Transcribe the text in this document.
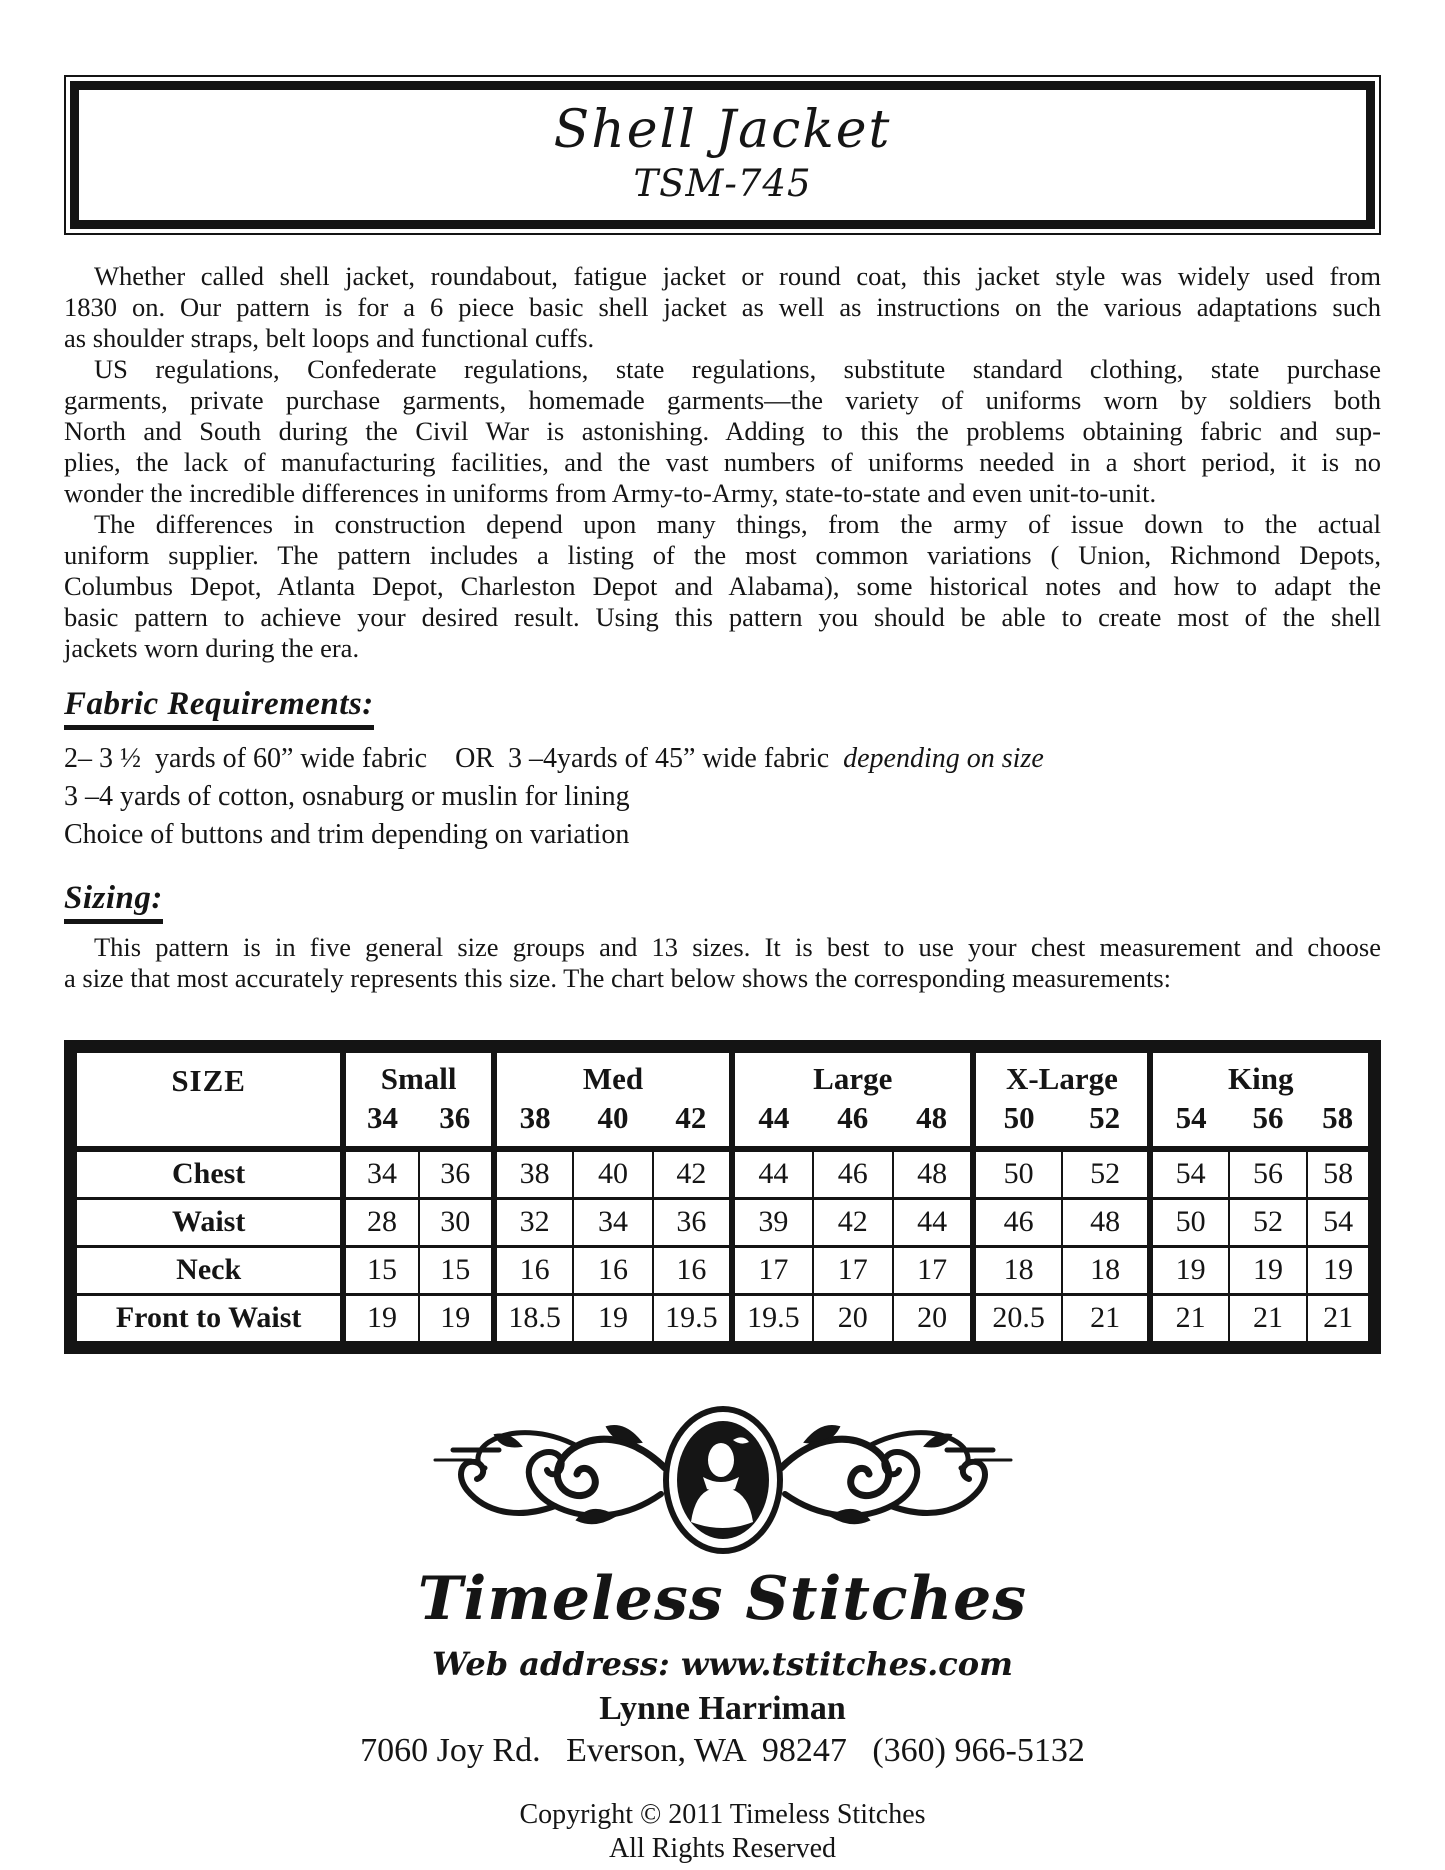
Shell Jacket
TSM-745
Whether called shell jacket, roundabout, fatigue jacket or round coat, this jacket style was widely used from
1830 on. Our pattern is for a 6 piece basic shell jacket as well as instructions on the various adaptations such
as shoulder straps, belt loops and functional cuffs.
US regulations, Confederate regulations, state regulations, substitute standard clothing, state purchase
garments, private purchase garments, homemade garments—the variety of uniforms worn by soldiers both
North and South during the Civil War is astonishing. Adding to this the problems obtaining fabric and sup-
plies, the lack of manufacturing facilities, and the vast numbers of uniforms needed in a short period, it is no
wonder the incredible differences in uniforms from Army-to-Army, state-to-state and even unit-to-unit.
The differences in construction depend upon many things, from the army of issue down to the actual
uniform supplier. The pattern includes a listing of the most common variations ( Union, Richmond Depots,
Columbus Depot, Atlanta Depot, Charleston Depot and Alabama), some historical notes and how to adapt the
basic pattern to achieve your desired result. Using this pattern you should be able to create most of the shell
jackets worn during the era.
Fabric Requirements:
2– 3 ½  yards of 60” wide fabric    OR  3 –4yards of 45” wide fabric  depending on size
3 –4 yards of cotton, osnaburg or muslin for lining
Choice of buttons and trim depending on variation
Sizing:
This pattern is in five general size groups and 13 sizes. It is best to use your chest measurement and choose
a size that most accurately represents this size. The chart below shows the corresponding measurements:
SIZE	Small		Med			Large			X-Large		King		
	34	36	38	40	42	44	46	48	50	52	54	56	58
Chest	34	36	38	40	42	44	46	48	50	52	54	56	58
Waist	28	30	32	34	36	39	42	44	46	48	50	52	54
Neck	15	15	16	16	16	17	17	17	18	18	19	19	19
Front to Waist	19	19	18.5	19	19.5	19.5	20	20	20.5	21	21	21	21
Timeless Stitches
Web address: www.tstitches.com
Lynne Harriman
7060 Joy Rd.   Everson, WA  98247   (360) 966-5132
Copyright © 2011 Timeless Stitches
All Rights Reserved
